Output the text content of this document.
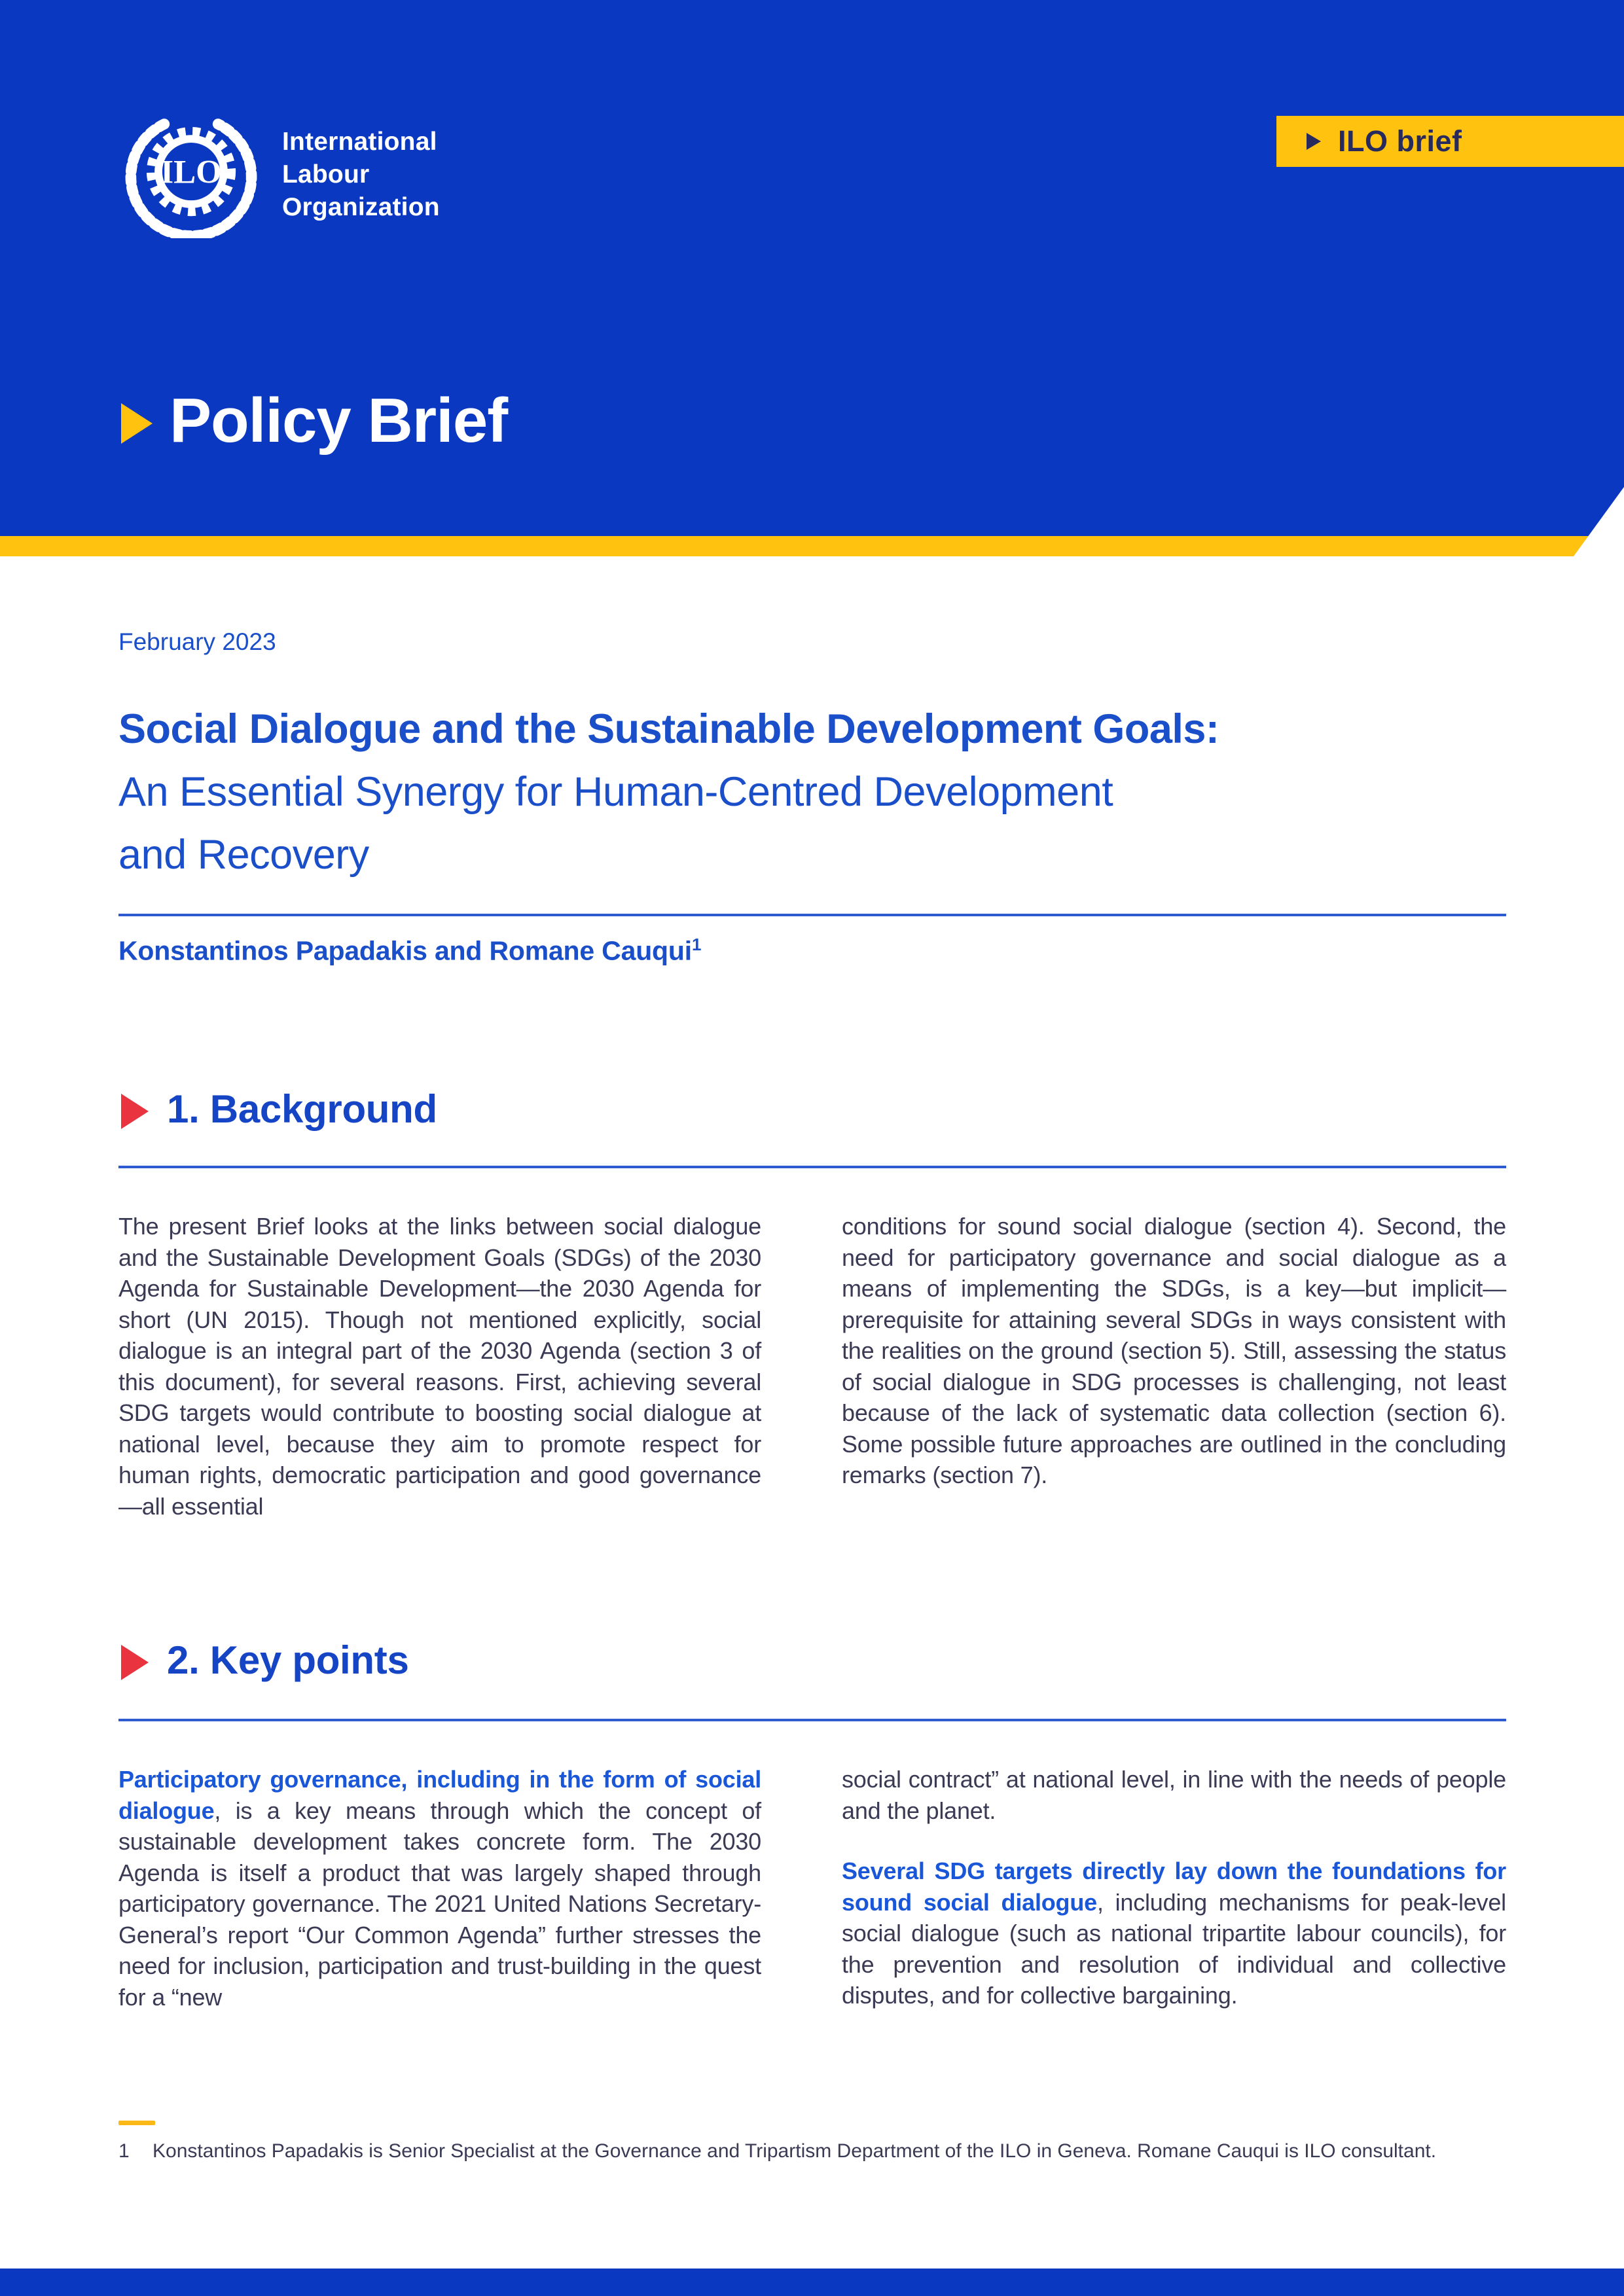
ILO
International
Labour
Organization
ILO brief
Policy Brief
February 2023
Social Dialogue and the Sustainable Development Goals:
An Essential Synergy for Human-Centred Development
and Recovery
Konstantinos Papadakis and Romane Cauqui$^1$
1. Background

The present Brief looks at the links between social dialogue and the Sustainable Development Goals (SDGs) of the 2030 Agenda for Sustainable Development—the 2030 Agenda for short (UN 2015). Though not mentioned explicitly, social dialogue is an integral part of the 2030 Agenda (section 3 of this document), for several reasons. First, achieving several SDG targets would contribute to boosting social dialogue at national level, because they aim to promote respect for human rights, democratic participation and good governance—all essential

conditions for sound social dialogue (section 4). Second, the need for participatory governance and social dialogue as a means of implementing the SDGs, is a key—but implicit—prerequisite for attaining several SDGs in ways consistent with the realities on the ground (section 5). Still, assessing the status of social dialogue in SDG processes is challenging, not least because of the lack of systematic data collection (section 6). Some possible future approaches are outlined in the concluding remarks (section 7).

2. Key points

Participatory governance, including in the form of social dialogue, is a key means through which the concept of sustainable development takes concrete form. The 2030 Agenda is itself a product that was largely shaped through participatory governance. The 2021 United Nations Secretary-General’s report “Our Common Agenda” further stresses the need for inclusion, participation and trust-building in the quest for a “new

social contract” at national level, in line with the needs of people and the planet.

Several SDG targets directly lay down the foundations for sound social dialogue, including mechanisms for peak-level social dialogue (such as national tripartite labour councils), for the prevention and resolution of individual and collective disputes, and for collective bargaining.

1	Konstantinos Papadakis is Senior Specialist at the Governance and Tripartism Department of the ILO in Geneva. Romane Cauqui is ILO consultant.
